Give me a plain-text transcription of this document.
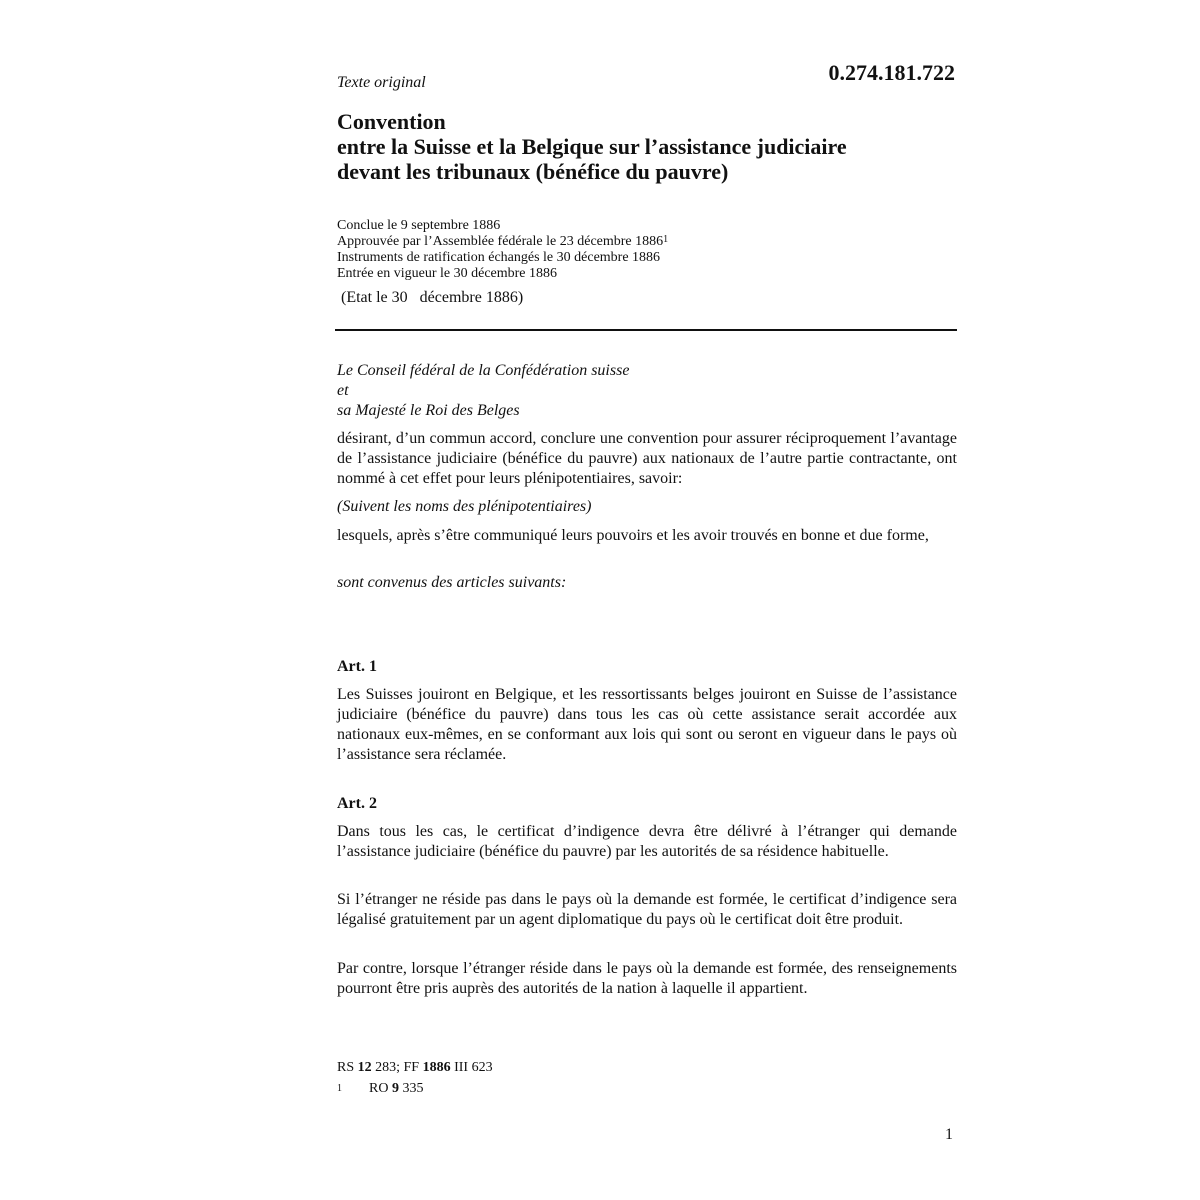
Texte original	0.274.181.722
Convention
entre la Suisse et la Belgique sur l’assistance judiciaire
devant les tribunaux (bénéfice du pauvre)
Conclue le 9 septembre 1886
Approuvée par l’Assemblée fédérale le 23 décembre 1886$^1$
Instruments de ratification échangés le 30 décembre 1886
Entrée en vigueur le 30 décembre 1886
(Etat le 30   décembre 1886)

Le Conseil fédéral de la Confédération suisse

et

sa Majesté le Roi des Belges

désirant, d’un commun accord, conclure une convention pour assurer réciproquement l’avantage de l’assistance judiciaire (bénéfice du pauvre) aux nationaux de l’autre partie contractante, ont nommé à cet effet pour leurs plénipotentiaires, savoir:

(Suivent les noms des plénipotentiaires)

lesquels, après s’être communiqué leurs pouvoirs et les avoir trouvés en bonne et due forme,

sont convenus des articles suivants:

Art. 1

Les Suisses jouiront en Belgique, et les ressortissants belges jouiront en Suisse de l’assistance judiciaire (bénéfice du pauvre) dans tous les cas où cette assistance serait accordée aux nationaux eux-mêmes, en se conformant aux lois qui sont ou seront en vigueur dans le pays où l’assistance sera réclamée.

Art. 2

Dans tous les cas, le certificat d’indigence devra être délivré à l’étranger qui demande l’assistance judiciaire (bénéfice du pauvre) par les autorités de sa résidence habituelle.

Si l’étranger ne réside pas dans le pays où la demande est formée, le certificat d’indigence sera légalisé gratuitement par un agent diplomatique du pays où le certificat doit être produit.

Par contre, lorsque l’étranger réside dans le pays où la demande est formée, des renseignements pourront être pris auprès des autorités de la nation à laquelle il appartient.

RS 12 283; FF 1886 III 623
1 RO 9 335
1
